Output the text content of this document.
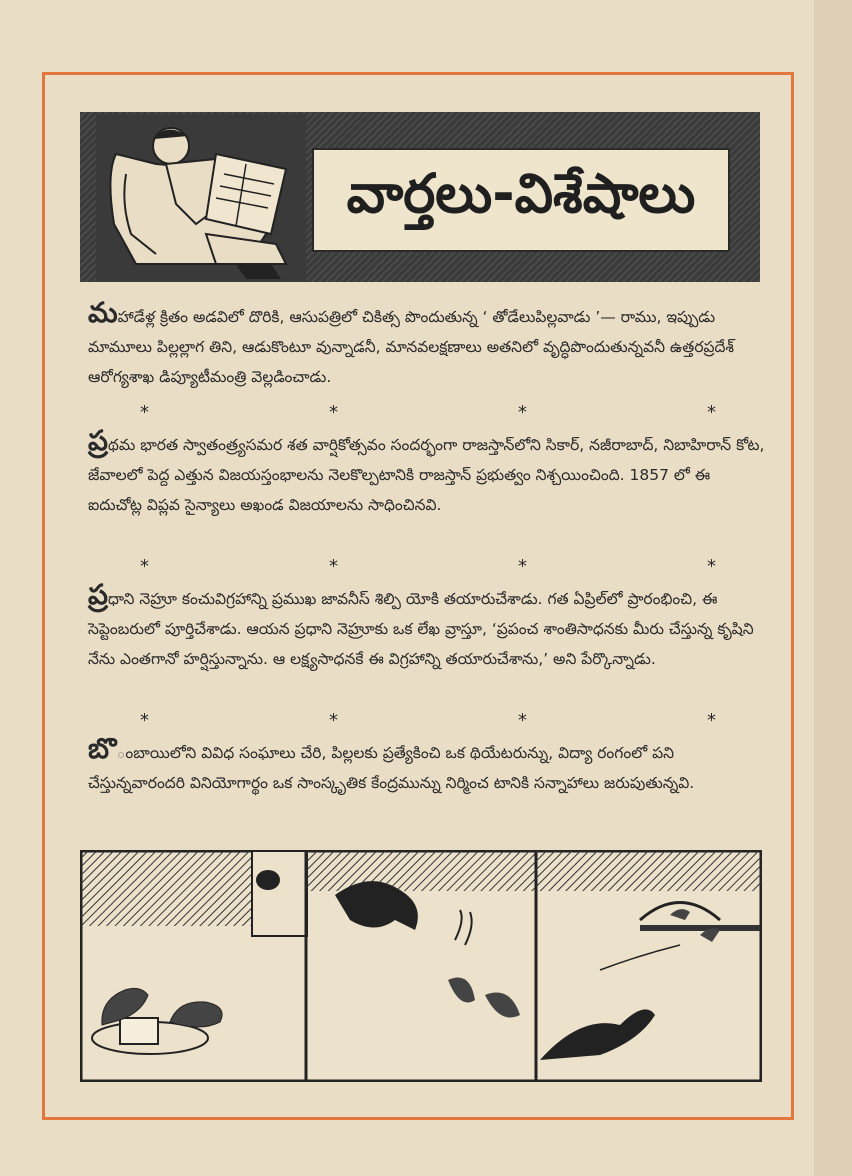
వార్తలు-విశేషాలు
మహాడేళ్ల క్రితం అడవిలో దొరికి, ఆసుపత్రిలో చికిత్స పొందుతున్న ‘ తోడేలుపిల్లవాడు ’— రాము, ఇప్పుడు మామూలు పిల్లల్లాగ తిని, ఆడుకొంటూ వున్నాడనీ, మానవలక్షణాలు అతనిలో వృద్ధిపొందుతున్నవనీ ఉత్తరప్రదేశ్ ఆరోగ్యశాఖ డిప్యూటీమంత్రి వెల్లడించాడు.
*	*	*	*
ప్రథమ భారత స్వాతంత్ర్యసమర శత వార్షికోత్సవం సందర్భంగా రాజస్తాన్‌లోని సికార్, నజీరాబాద్, నిబాహిరాన్ కోట, జేవాలలో పెద్ద ఎత్తున విజయస్తంభాలను నెలకొల్పటానికి రాజస్తాన్ ప్రభుత్వం నిశ్చయించింది. 1857 లో ఈ ఐదుచోట్ల విప్లవ సైన్యాలు అఖండ విజయాలను సాధించినవి.
*	*	*	*
ప్రధాని నెహ్రూ కంచువిగ్రహాన్ని ప్రముఖ జావనీస్ శిల్పి యోకి తయారుచేశాడు. గత ఏప్రిల్‌లో ప్రారంభించి, ఈ సెప్టెంబరులో పూర్తిచేశాడు. ఆయన ప్రధాని నెహ్రూకు ఒక లేఖ వ్రాస్తూ, ‘ప్రపంచ శాంతిసాధనకు మీరు చేస్తున్న కృషిని నేను ఎంతగానో హర్షిస్తున్నాను. ఆ లక్ష్యసాధనకే ఈ విగ్రహాన్ని తయారుచేశాను,’ అని పేర్కొన్నాడు.
*	*	*	*
బొంబాయిలోని వివిధ సంఘాలు చేరి, పిల్లలకు ప్రత్యేకించి ఒక థియేటరున్ను, విద్యా రంగంలో పని చేస్తున్నవారందరి వినియోగార్థం ఒక సాంస్కృతిక కేంద్రమున్ను నిర్మించ టానికి సన్నాహాలు జరుపుతున్నవి.
